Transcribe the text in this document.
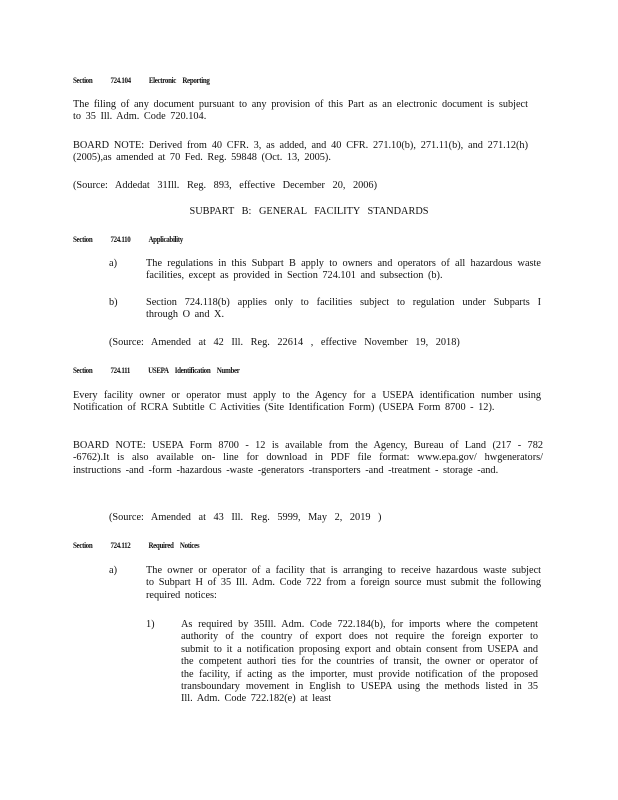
Section 724.104 Electronic Reporting
The filing of any document pursuant to any provision of this Part as an electronic document is subject to 35 Ill. Adm. Code 720.104.
BOARD NOTE: Derived from 40 CFR. 3, as added, and 40 CFR. 271.10(b), 271.11(b), and 271.12(h) (2005),as amended at 70 Fed. Reg. 59848 (Oct. 13, 2005).
(Source: Addedat 31Ill. Reg. 893, effective December 20, 2006)
SUBPART B: GENERAL FACILITY STANDARDS
Section 724.110 Applicability
a)	The regulations in this Subpart B apply to owners and operators of all hazardous waste facilities, except as provided in Section 724.101 and subsection (b).
b)	Section 724.118(b) applies only to facilities subject to regulation under Subparts I through O and X.
(Source: Amended at 42 Ill. Reg. 22614 , effective November 19, 2018)
Section 724.111 USEPA Identification Number
Every facility owner or operator must apply to the Agency for a USEPA identification number using Notification of RCRA Subtitle C Activities (Site Identification Form) (USEPA Form 8700 - 12).
BOARD NOTE: USEPA Form 8700 - 12 is available from the Agency, Bureau of Land (217 - 782 -6762).It is also available on- line for download in PDF file format: www.epa.gov/ hwgenerators/ instructions -and -form -hazardous -waste -generators -transporters -and -treatment - storage -and.
(Source: Amended at 43 Ill. Reg. 5999, May 2, 2019 )
Section 724.112 Required Notices
a)	The owner or operator of a facility that is arranging to receive hazardous waste subject to Subpart H of 35 Ill. Adm. Code 722 from a foreign source must submit the following required notices:
1)	As required by 35Ill. Adm. Code 722.184(b), for imports where the competent authority of the country of export does not require the foreign exporter to submit to it a notification proposing export and obtain consent from USEPA and the competent authori ties for the countries of transit, the owner or operator of the facility, if acting as the importer, must provide notification of the proposed transboundary movement in English to USEPA using the methods listed in 35 Ill. Adm. Code 722.182(e) at least
